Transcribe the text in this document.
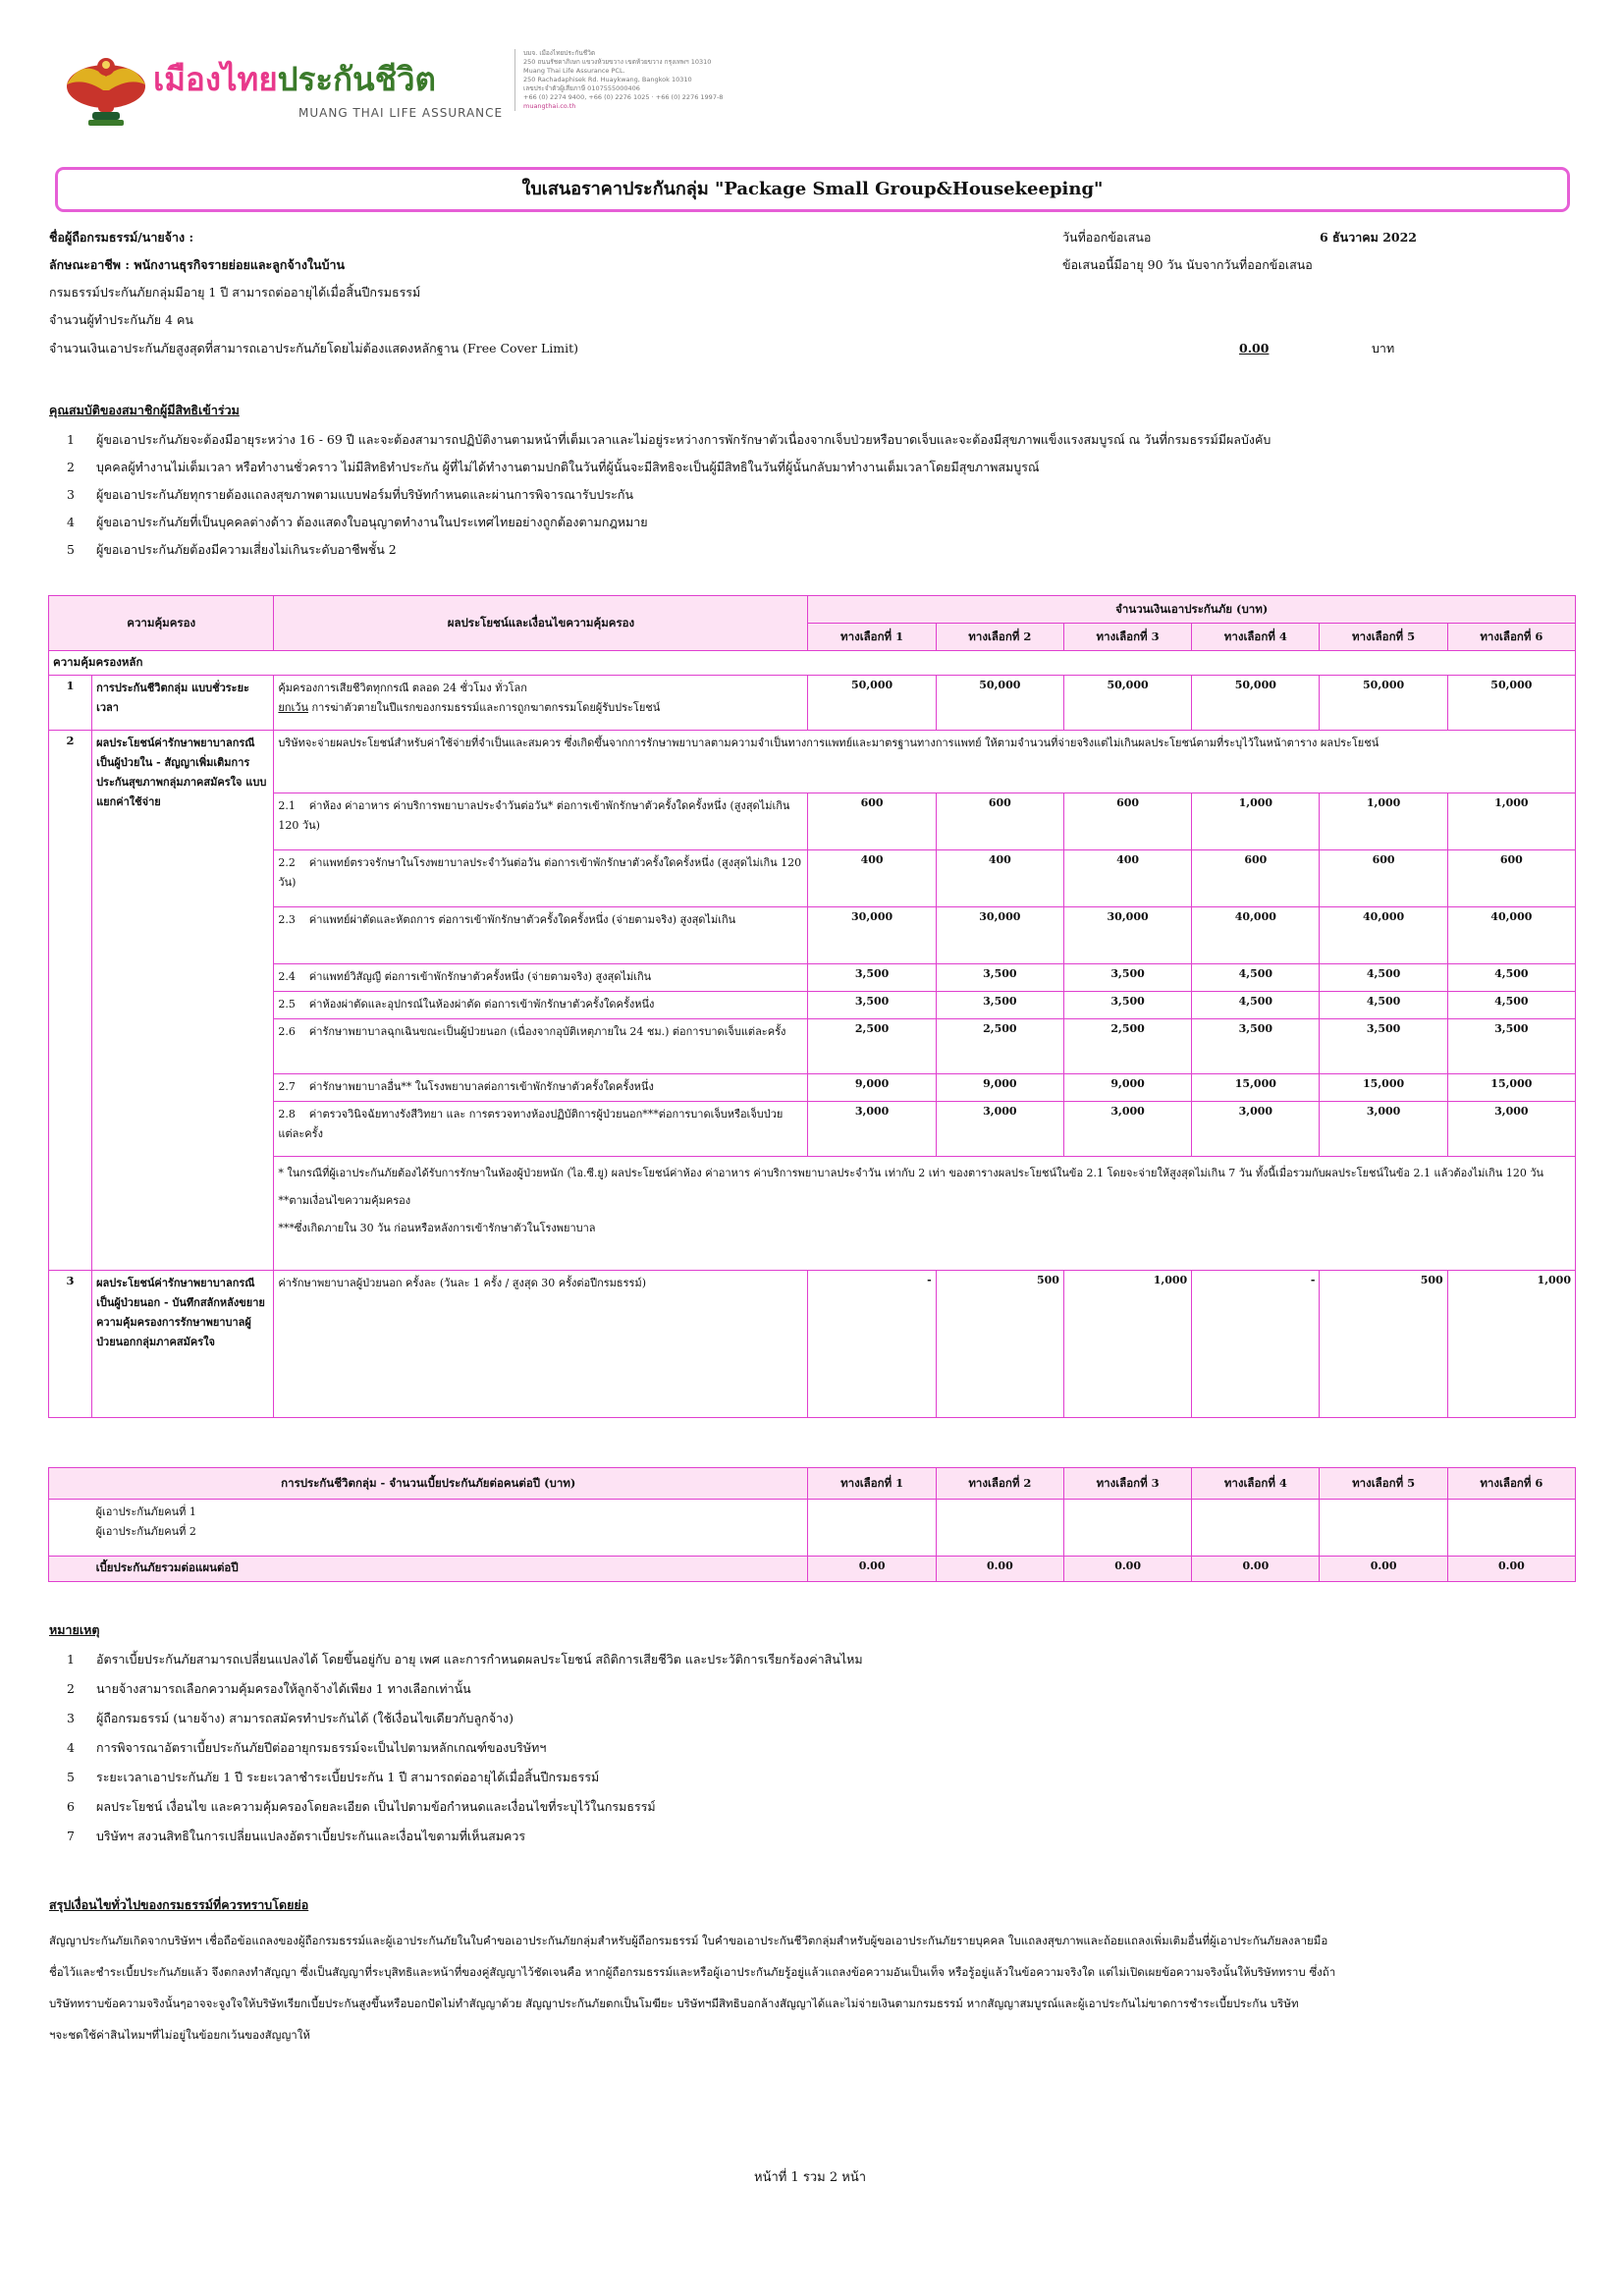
เมืองไทยประกันชีวิต
MUANG THAI LIFE ASSURANCE
บมจ. เมืองไทยประกันชีวิต
250 ถนนรัชดาภิเษก แขวงห้วยขวาง เขตห้วยขวาง กรุงเทพฯ 10310
Muang Thai Life Assurance PCL.
250 Rachadaphisek Rd. Huaykwang, Bangkok 10310
เลขประจำตัวผู้เสียภาษี 0107555000406
+66 (0) 2274 9400, +66 (0) 2276 1025 · +66 (0) 2276 1997-8
muangthai.co.th
ใบเสนอราคาประกันกลุ่ม "Package Small Group&Housekeeping"
ชื่อผู้ถือกรมธรรม์/นายจ้าง :
ลักษณะอาชีพ : พนักงานธุรกิจรายย่อยและลูกจ้างในบ้าน
กรมธรรม์ประกันภัยกลุ่มมีอายุ 1 ปี สามารถต่ออายุได้เมื่อสิ้นปีกรมธรรม์
จำนวนผู้ทำประกันภัย 4 คน
จำนวนเงินเอาประกันภัยสูงสุดที่สามารถเอาประกันภัยโดยไม่ต้องแสดงหลักฐาน (Free Cover Limit)	0.00	บาท
วันที่ออกข้อเสนอ	6 ธันวาคม 2022
ข้อเสนอนี้มีอายุ 90 วัน นับจากวันที่ออกข้อเสนอ
คุณสมบัติของสมาชิกผู้มีสิทธิเข้าร่วม
1 ผู้ขอเอาประกันภัยจะต้องมีอายุระหว่าง 16 - 69 ปี และจะต้องสามารถปฏิบัติงานตามหน้าที่เต็มเวลาและไม่อยู่ระหว่างการพักรักษาตัวเนื่องจากเจ็บป่วยหรือบาดเจ็บและจะต้องมีสุขภาพแข็งแรงสมบูรณ์ ณ วันที่กรมธรรม์มีผลบังคับ
2 บุคคลผู้ทำงานไม่เต็มเวลา หรือทำงานชั่วคราว ไม่มีสิทธิทำประกัน ผู้ที่ไม่ได้ทำงานตามปกติในวันที่ผู้นั้นจะมีสิทธิจะเป็นผู้มีสิทธิในวันที่ผู้นั้นกลับมาทำงานเต็มเวลาโดยมีสุขภาพสมบูรณ์
3 ผู้ขอเอาประกันภัยทุกรายต้องแถลงสุขภาพตามแบบฟอร์มที่บริษัทกำหนดและผ่านการพิจารณารับประกัน
4 ผู้ขอเอาประกันภัยที่เป็นบุคคลต่างด้าว ต้องแสดงใบอนุญาตทำงานในประเทศไทยอย่างถูกต้องตามกฎหมาย
5 ผู้ขอเอาประกันภัยต้องมีความเสี่ยงไม่เกินระดับอาชีพชั้น 2
ความคุ้มครอง		ผลประโยชน์และเงื่อนไขความคุ้มครอง	จำนวนเงินเอาประกันภัย (บาท)					
			ทางเลือกที่ 1	ทางเลือกที่ 2	ทางเลือกที่ 3	ทางเลือกที่ 4	ทางเลือกที่ 5	ทางเลือกที่ 6
ความคุ้มครองหลัก								
1	การประกันชีวิตกลุ่ม แบบชั่วระยะเวลา	คุ้มครองการเสียชีวิตทุกกรณี ตลอด 24 ชั่วโมง ทั่วโลก
ยกเว้น การฆ่าตัวตายในปีแรกของกรมธรรม์และการถูกฆาตกรรมโดยผู้รับประโยชน์	50,000	50,000	50,000	50,000	50,000	50,000
2	ผลประโยชน์ค่ารักษาพยาบาลกรณีเป็นผู้ป่วยใน - สัญญาเพิ่มเติมการประกันสุขภาพกลุ่มภาคสมัครใจ แบบแยกค่าใช้จ่าย	บริษัทจะจ่ายผลประโยชน์สำหรับค่าใช้จ่ายที่จำเป็นและสมควร ซึ่งเกิดขึ้นจากการรักษาพยาบาลตามความจำเป็นทางการแพทย์และมาตรฐานทางการแพทย์ ให้ตามจำนวนที่จ่ายจริงแต่ไม่เกินผลประโยชน์ตามที่ระบุไว้ในหน้าตาราง ผลประโยชน์						
		2.1 ค่าห้อง ค่าอาหาร ค่าบริการพยาบาลประจำวันต่อวัน* ต่อการเข้าพักรักษาตัวครั้งใดครั้งหนึ่ง (สูงสุดไม่เกิน 120 วัน)	600	600	600	1,000	1,000	1,000
		2.2 ค่าแพทย์ตรวจรักษาในโรงพยาบาลประจำวันต่อวัน ต่อการเข้าพักรักษาตัวครั้งใดครั้งหนึ่ง (สูงสุดไม่เกิน 120 วัน)	400	400	400	600	600	600
		2.3 ค่าแพทย์ผ่าตัดและหัตถการ ต่อการเข้าพักรักษาตัวครั้งใดครั้งหนึ่ง (จ่ายตามจริง) สูงสุดไม่เกิน	30,000	30,000	30,000	40,000	40,000	40,000
		2.4 ค่าแพทย์วิสัญญี ต่อการเข้าพักรักษาตัวครั้งหนึ่ง (จ่ายตามจริง) สูงสุดไม่เกิน	3,500	3,500	3,500	4,500	4,500	4,500
		2.5 ค่าห้องผ่าตัดและอุปกรณ์ในห้องผ่าตัด ต่อการเข้าพักรักษาตัวครั้งใดครั้งหนึ่ง	3,500	3,500	3,500	4,500	4,500	4,500
		2.6 ค่ารักษาพยาบาลฉุกเฉินขณะเป็นผู้ป่วยนอก (เนื่องจากอุบัติเหตุภายใน 24 ชม.) ต่อการบาดเจ็บแต่ละครั้ง	2,500	2,500	2,500	3,500	3,500	3,500
		2.7 ค่ารักษาพยาบาลอื่น** ในโรงพยาบาลต่อการเข้าพักรักษาตัวครั้งใดครั้งหนึ่ง	9,000	9,000	9,000	15,000	15,000	15,000
		2.8 ค่าตรวจวินิจฉัยทางรังสีวิทยา และ การตรวจทางห้องปฏิบัติการผู้ป่วยนอก***ต่อการบาดเจ็บหรือเจ็บป่วยแต่ละครั้ง	3,000	3,000	3,000	3,000	3,000	3,000

		* ในกรณีที่ผู้เอาประกันภัยต้องได้รับการรักษาในห้องผู้ป่วยหนัก (ไอ.ซี.ยู) ผลประโยชน์ค่าห้อง ค่าอาหาร ค่าบริการพยาบาลประจำวัน เท่ากับ 2 เท่า ของตารางผลประโยชน์ในข้อ 2.1 โดยจะจ่ายให้สูงสุดไม่เกิน 7 วัน ทั้งนี้เมื่อรวมกับผลประโยชน์ในข้อ 2.1 แล้วต้องไม่เกิน 120 วัน
**ตามเงื่อนไขความคุ้มครอง
***ซึ่งเกิดภายใน 30 วัน ก่อนหรือหลังการเข้ารักษาตัวในโรงพยาบาล						

3	ผลประโยชน์ค่ารักษาพยาบาลกรณีเป็นผู้ป่วยนอก - บันทึกสลักหลังขยายความคุ้มครองการรักษาพยาบาลผู้ป่วยนอกกลุ่มภาคสมัครใจ	ค่ารักษาพยาบาลผู้ป่วยนอก ครั้งละ (วันละ 1 ครั้ง / สูงสุด 30 ครั้งต่อปีกรมธรรม์)	-	500	1,000	-	500	1,000
การประกันชีวิตกลุ่ม - จำนวนเบี้ยประกันภัยต่อคนต่อปี (บาท)		ทางเลือกที่ 1	ทางเลือกที่ 2	ทางเลือกที่ 3	ทางเลือกที่ 4	ทางเลือกที่ 5	ทางเลือกที่ 6

	ผู้เอาประกันภัยคนที่ 1
ผู้เอาประกันภัยคนที่ 2						

	เบี้ยประกันภัยรวมต่อแผนต่อปี	0.00	0.00	0.00	0.00	0.00	0.00
หมายเหตุ
1 อัตราเบี้ยประกันภัยสามารถเปลี่ยนแปลงได้ โดยขึ้นอยู่กับ อายุ เพศ และการกำหนดผลประโยชน์ สถิติการเสียชีวิต และประวัติการเรียกร้องค่าสินไหม
2 นายจ้างสามารถเลือกความคุ้มครองให้ลูกจ้างได้เพียง 1 ทางเลือกเท่านั้น
3 ผู้ถือกรมธรรม์ (นายจ้าง) สามารถสมัครทำประกันได้ (ใช้เงื่อนไขเดียวกับลูกจ้าง)
4 การพิจารณาอัตราเบี้ยประกันภัยปีต่ออายุกรมธรรม์จะเป็นไปตามหลักเกณฑ์ของบริษัทฯ
5 ระยะเวลาเอาประกันภัย 1 ปี ระยะเวลาชำระเบี้ยประกัน 1 ปี สามารถต่ออายุได้เมื่อสิ้นปีกรมธรรม์
6 ผลประโยชน์ เงื่อนไข และความคุ้มครองโดยละเอียด เป็นไปตามข้อกำหนดและเงื่อนไขที่ระบุไว้ในกรมธรรม์
7 บริษัทฯ สงวนสิทธิในการเปลี่ยนแปลงอัตราเบี้ยประกันและเงื่อนไขตามที่เห็นสมควร
สรุปเงื่อนไขทั่วไปของกรมธรรม์ที่ควรทราบโดยย่อ
สัญญาประกันภัยเกิดจากบริษัทฯ เชื่อถือข้อแถลงของผู้ถือกรมธรรม์และผู้เอาประกันภัยในใบคำขอเอาประกันภัยกลุ่มสำหรับผู้ถือกรมธรรม์ ใบคำขอเอาประกันชีวิตกลุ่มสำหรับผู้ขอเอาประกันภัยรายบุคคล ใบแถลงสุขภาพและถ้อยแถลงเพิ่มเติมอื่นที่ผู้เอาประกันภัยลงลายมือ
ชื่อไว้และชำระเบี้ยประกันภัยแล้ว จึงตกลงทำสัญญา ซึ่งเป็นสัญญาที่ระบุสิทธิและหน้าที่ของคู่สัญญาไว้ชัดเจนคือ หากผู้ถือกรมธรรม์และหรือผู้เอาประกันภัยรู้อยู่แล้วแถลงข้อความอันเป็นเท็จ หรือรู้อยู่แล้วในข้อความจริงใด แต่ไม่เปิดเผยข้อความจริงนั้นให้บริษัททราบ ซึ่งถ้า
บริษัททราบข้อความจริงนั้นๆอาจจะจูงใจให้บริษัทเรียกเบี้ยประกันสูงขึ้นหรือบอกปัดไม่ทำสัญญาด้วย สัญญาประกันภัยตกเป็นโมฆียะ บริษัทฯมีสิทธิบอกล้างสัญญาได้และไม่จ่ายเงินตามกรมธรรม์ หากสัญญาสมบูรณ์และผู้เอาประกันไม่ขาดการชำระเบี้ยประกัน บริษัท
ฯจะชดใช้ค่าสินไหมฯที่ไม่อยู่ในข้อยกเว้นของสัญญาให้
หน้าที่ 1 รวม 2 หน้า
